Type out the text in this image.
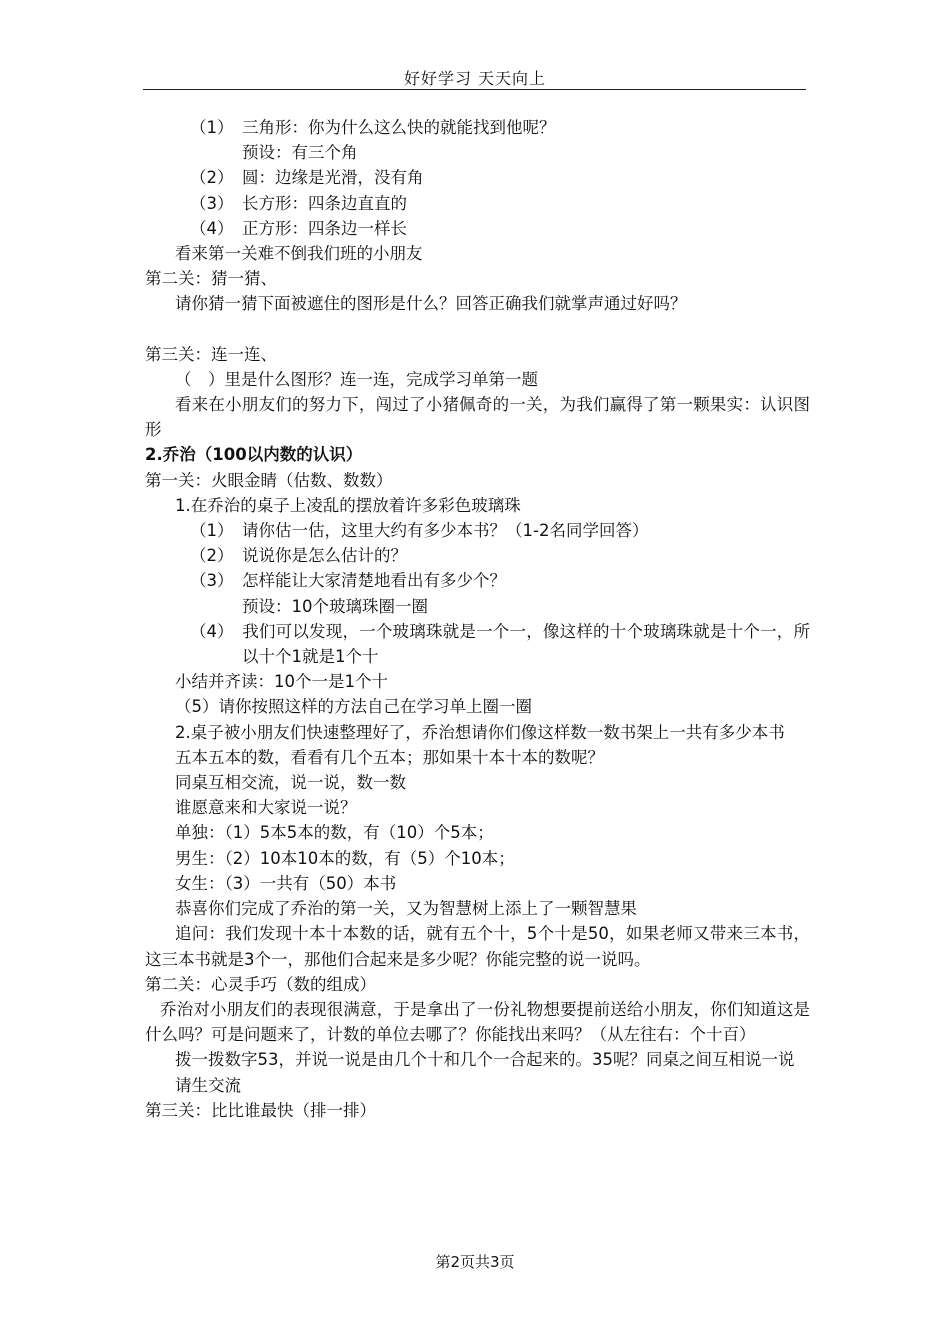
好好学习 天天向上
（1） 三角形：你为什么这么快的就能找到他呢？
预设：有三个角
（2） 圆：边缘是光滑，没有角
（3） 长方形：四条边直直的
（4） 正方形：四条边一样长
看来第一关难不倒我们班的小朋友
第二关：猜一猜、
请你猜一猜下面被遮住的图形是什么？回答正确我们就掌声通过好吗？
第三关：连一连、
（　）里是什么图形？连一连，完成学习单第一题
看来在小朋友们的努力下，闯过了小猪佩奇的一关，为我们赢得了第一颗果实：认识图形
2.乔治（100以内数的认识）
第一关：火眼金睛（估数、数数）
1.在乔治的桌子上凌乱的摆放着许多彩色玻璃珠
（1） 请你估一估，这里大约有多少本书？（1-2名同学回答）
（2） 说说你是怎么估计的？
（3） 怎样能让大家清楚地看出有多少个？
预设：10个玻璃珠圈一圈
（4） 我们可以发现，一个玻璃珠就是一个一，像这样的十个玻璃珠就是十个一，所以十个1就是1个十
小结并齐读：10个一是1个十
（5）请你按照这样的方法自己在学习单上圈一圈
2.桌子被小朋友们快速整理好了，乔治想请你们像这样数一数书架上一共有多少本书
五本五本的数，看看有几个五本；那如果十本十本的数呢？
同桌互相交流，说一说，数一数
谁愿意来和大家说一说？
单独：（1）5本5本的数，有（10）个5本；
男生：（2）10本10本的数，有（5）个10本；
女生：（3）一共有（50）本书
恭喜你们完成了乔治的第一关，又为智慧树上添上了一颗智慧果
追问：我们发现十本十本数的话，就有五个十，5个十是50，如果老师又带来三本书，这三本书就是3个一，那他们合起来是多少呢？你能完整的说一说吗。
第二关：心灵手巧（数的组成）
乔治对小朋友们的表现很满意，于是拿出了一份礼物想要提前送给小朋友，你们知道这是什么吗？可是问题来了，计数的单位去哪了？你能找出来吗？（从左往右：个十百）
拨一拨数字53，并说一说是由几个十和几个一合起来的。35呢？同桌之间互相说一说
请生交流
第三关：比比谁最快（排一排）
第2页共3页
